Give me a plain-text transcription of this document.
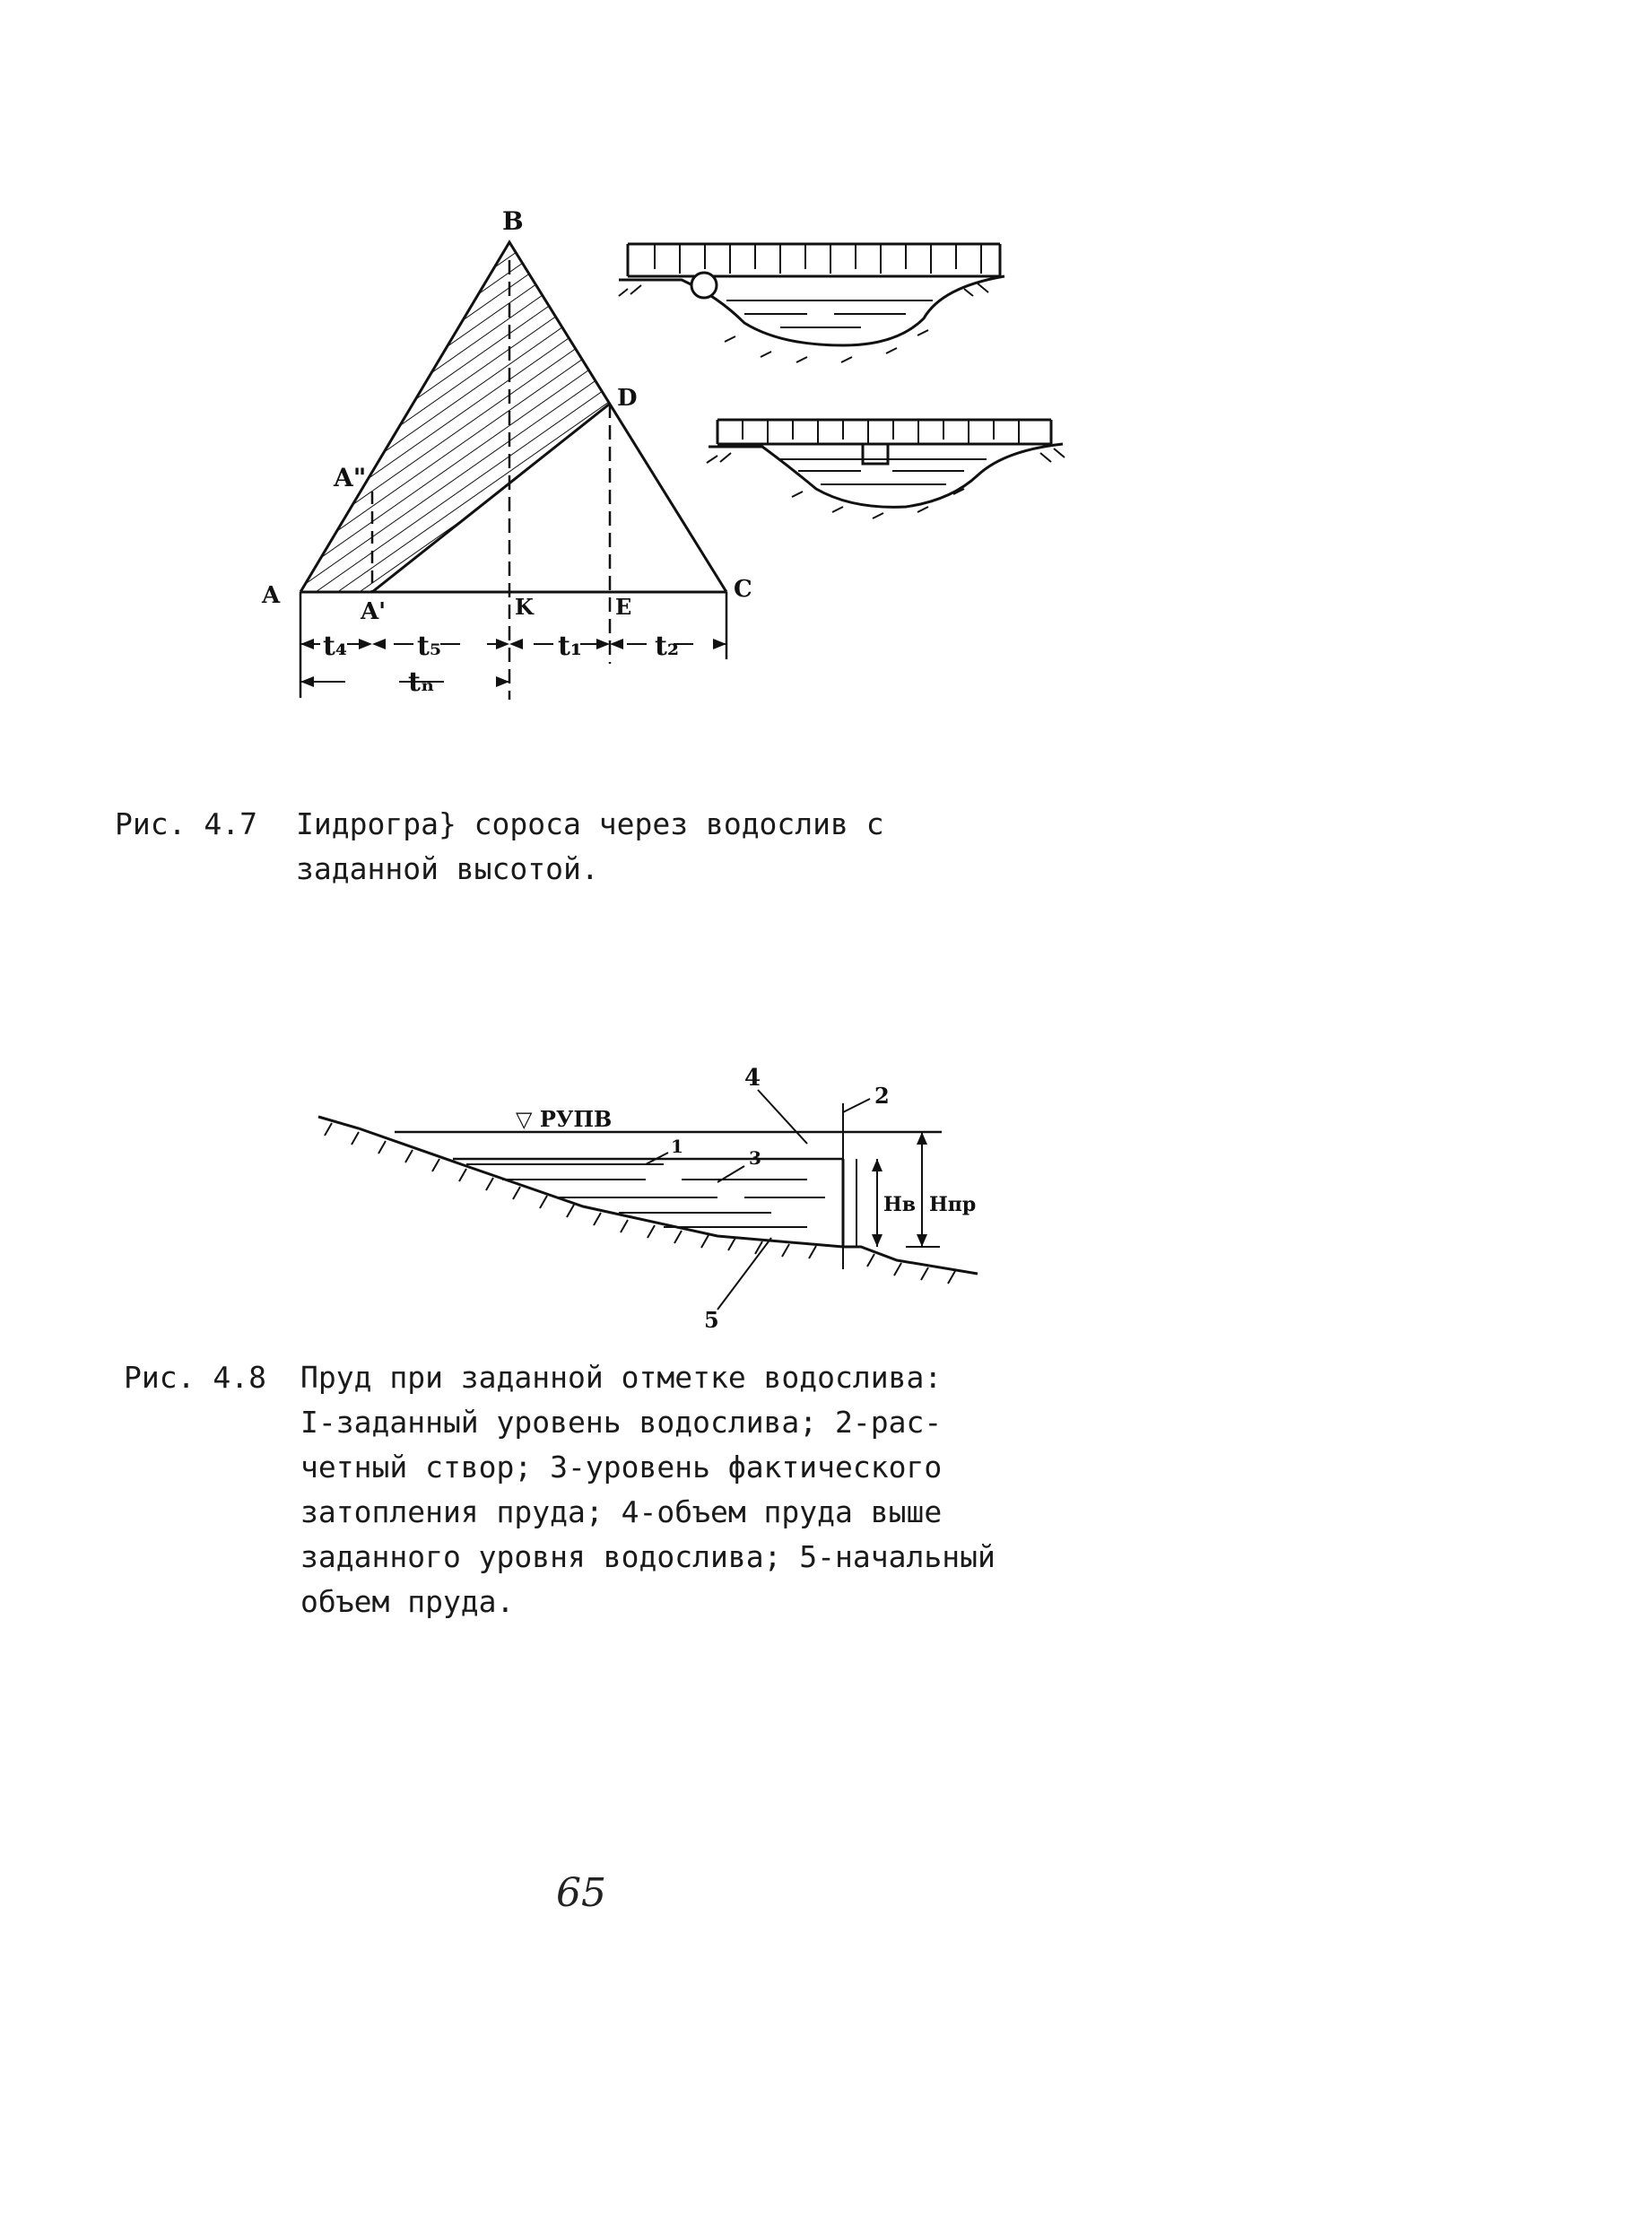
B
D
A"
A
A'	K	E
C
t₄	t₅	t₁	t₂
tₙ
▽ РУПВ
1
2
3
4
5
Hв Hпр
Рис. 4.7 Iидрогра} сороса через водослив с
заданной высотой.
Рис. 4.8 Пруд при заданной отметке водослива:
I-заданный уровень водослива; 2-рас-
четный створ; 3-уровень фактического
затопления пруда; 4-объем пруда выше
заданного уровня водослива; 5-начальный
объем пруда.
65
